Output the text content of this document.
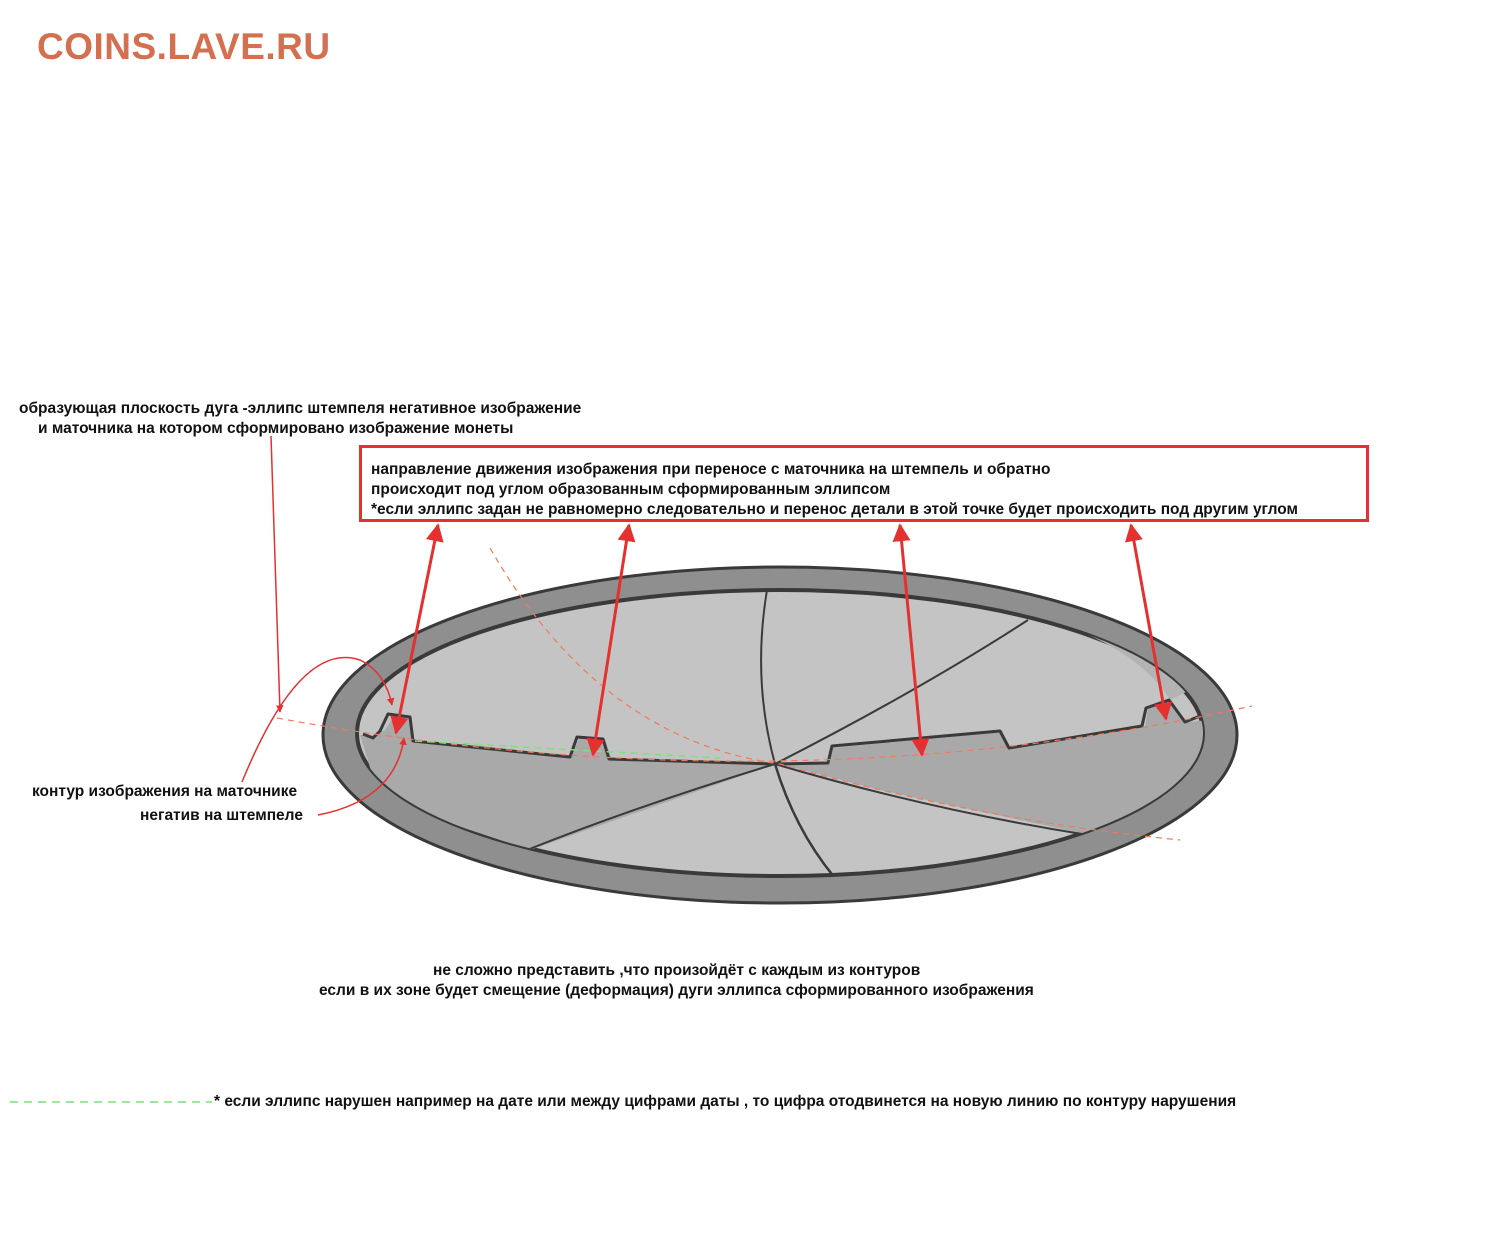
COINS.LAVE.RU
образующая плоскость дуга -эллипс штемпеля негативное изображение
и маточника на котором сформировано изображение монеты
направление движения изображения при переносе с маточника на штемпель и обратно
происходит под углом образованным сформированным эллипсом
*если эллипс задан не равномерно следовательно и перенос детали в этой точке будет происходить под другим углом
контур изображения на маточнике
негатив на штемпеле
не сложно представить ,что произойдёт с каждым из контуров
если в их зоне будет смещение (деформация) дуги эллипса сформированного изображения
* если эллипс нарушен например на дате или между цифрами даты , то цифра отодвинется на новую линию по контуру нарушения
